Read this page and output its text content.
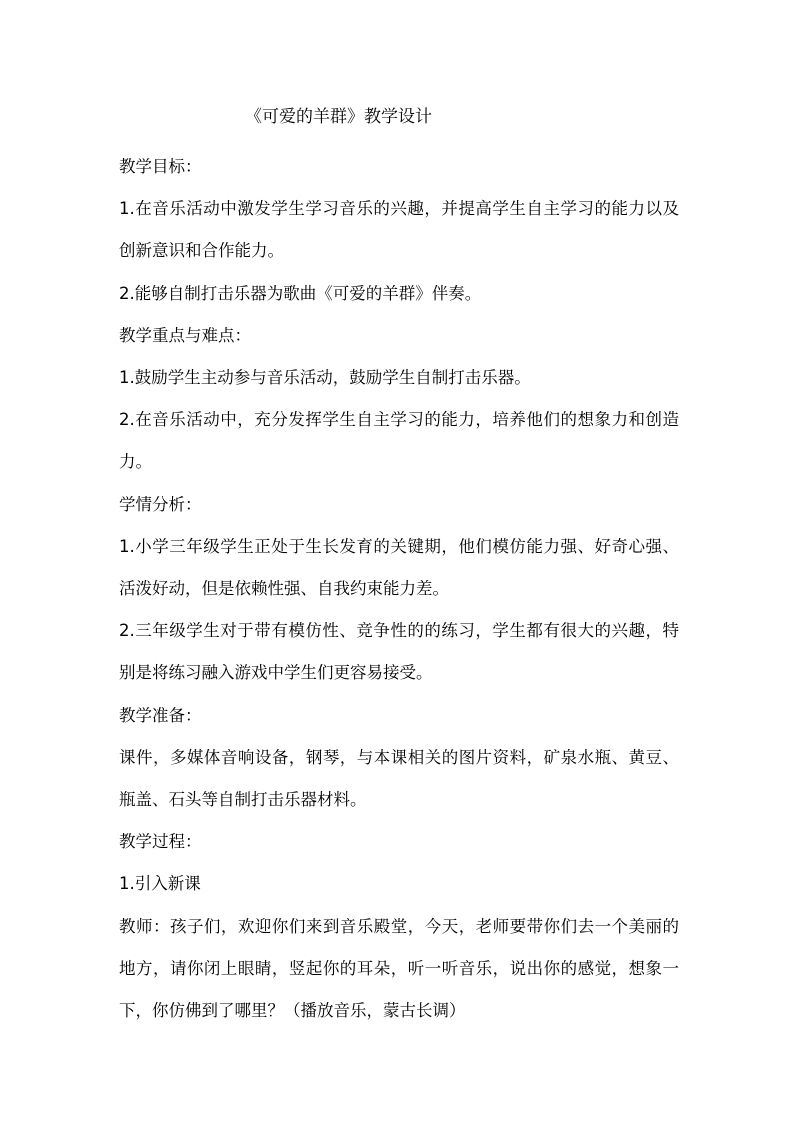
《可爱的羊群》教学设计

教学目标：

1.在音乐活动中激发学生学习音乐的兴趣，并提高学生自主学习的能力以及创新意识和合作能力。

2.能够自制打击乐器为歌曲《可爱的羊群》伴奏。

教学重点与难点：

1.鼓励学生主动参与音乐活动，鼓励学生自制打击乐器。

2.在音乐活动中，充分发挥学生自主学习的能力，培养他们的想象力和创造力。

学情分析：

1.小学三年级学生正处于生长发育的关键期，他们模仿能力强、好奇心强、活泼好动，但是依赖性强、自我约束能力差。

2.三年级学生对于带有模仿性、竞争性的的练习，学生都有很大的兴趣，特别是将练习融入游戏中学生们更容易接受。

教学准备：

课件，多媒体音响设备，钢琴，与本课相关的图片资料，矿泉水瓶、黄豆、瓶盖、石头等自制打击乐器材料。

教学过程：

1.引入新课

教师：孩子们，欢迎你们来到音乐殿堂，今天，老师要带你们去一个美丽的地方，请你闭上眼睛，竖起你的耳朵，听一听音乐，说出你的感觉，想象一下，你仿佛到了哪里？（播放音乐，蒙古长调）
